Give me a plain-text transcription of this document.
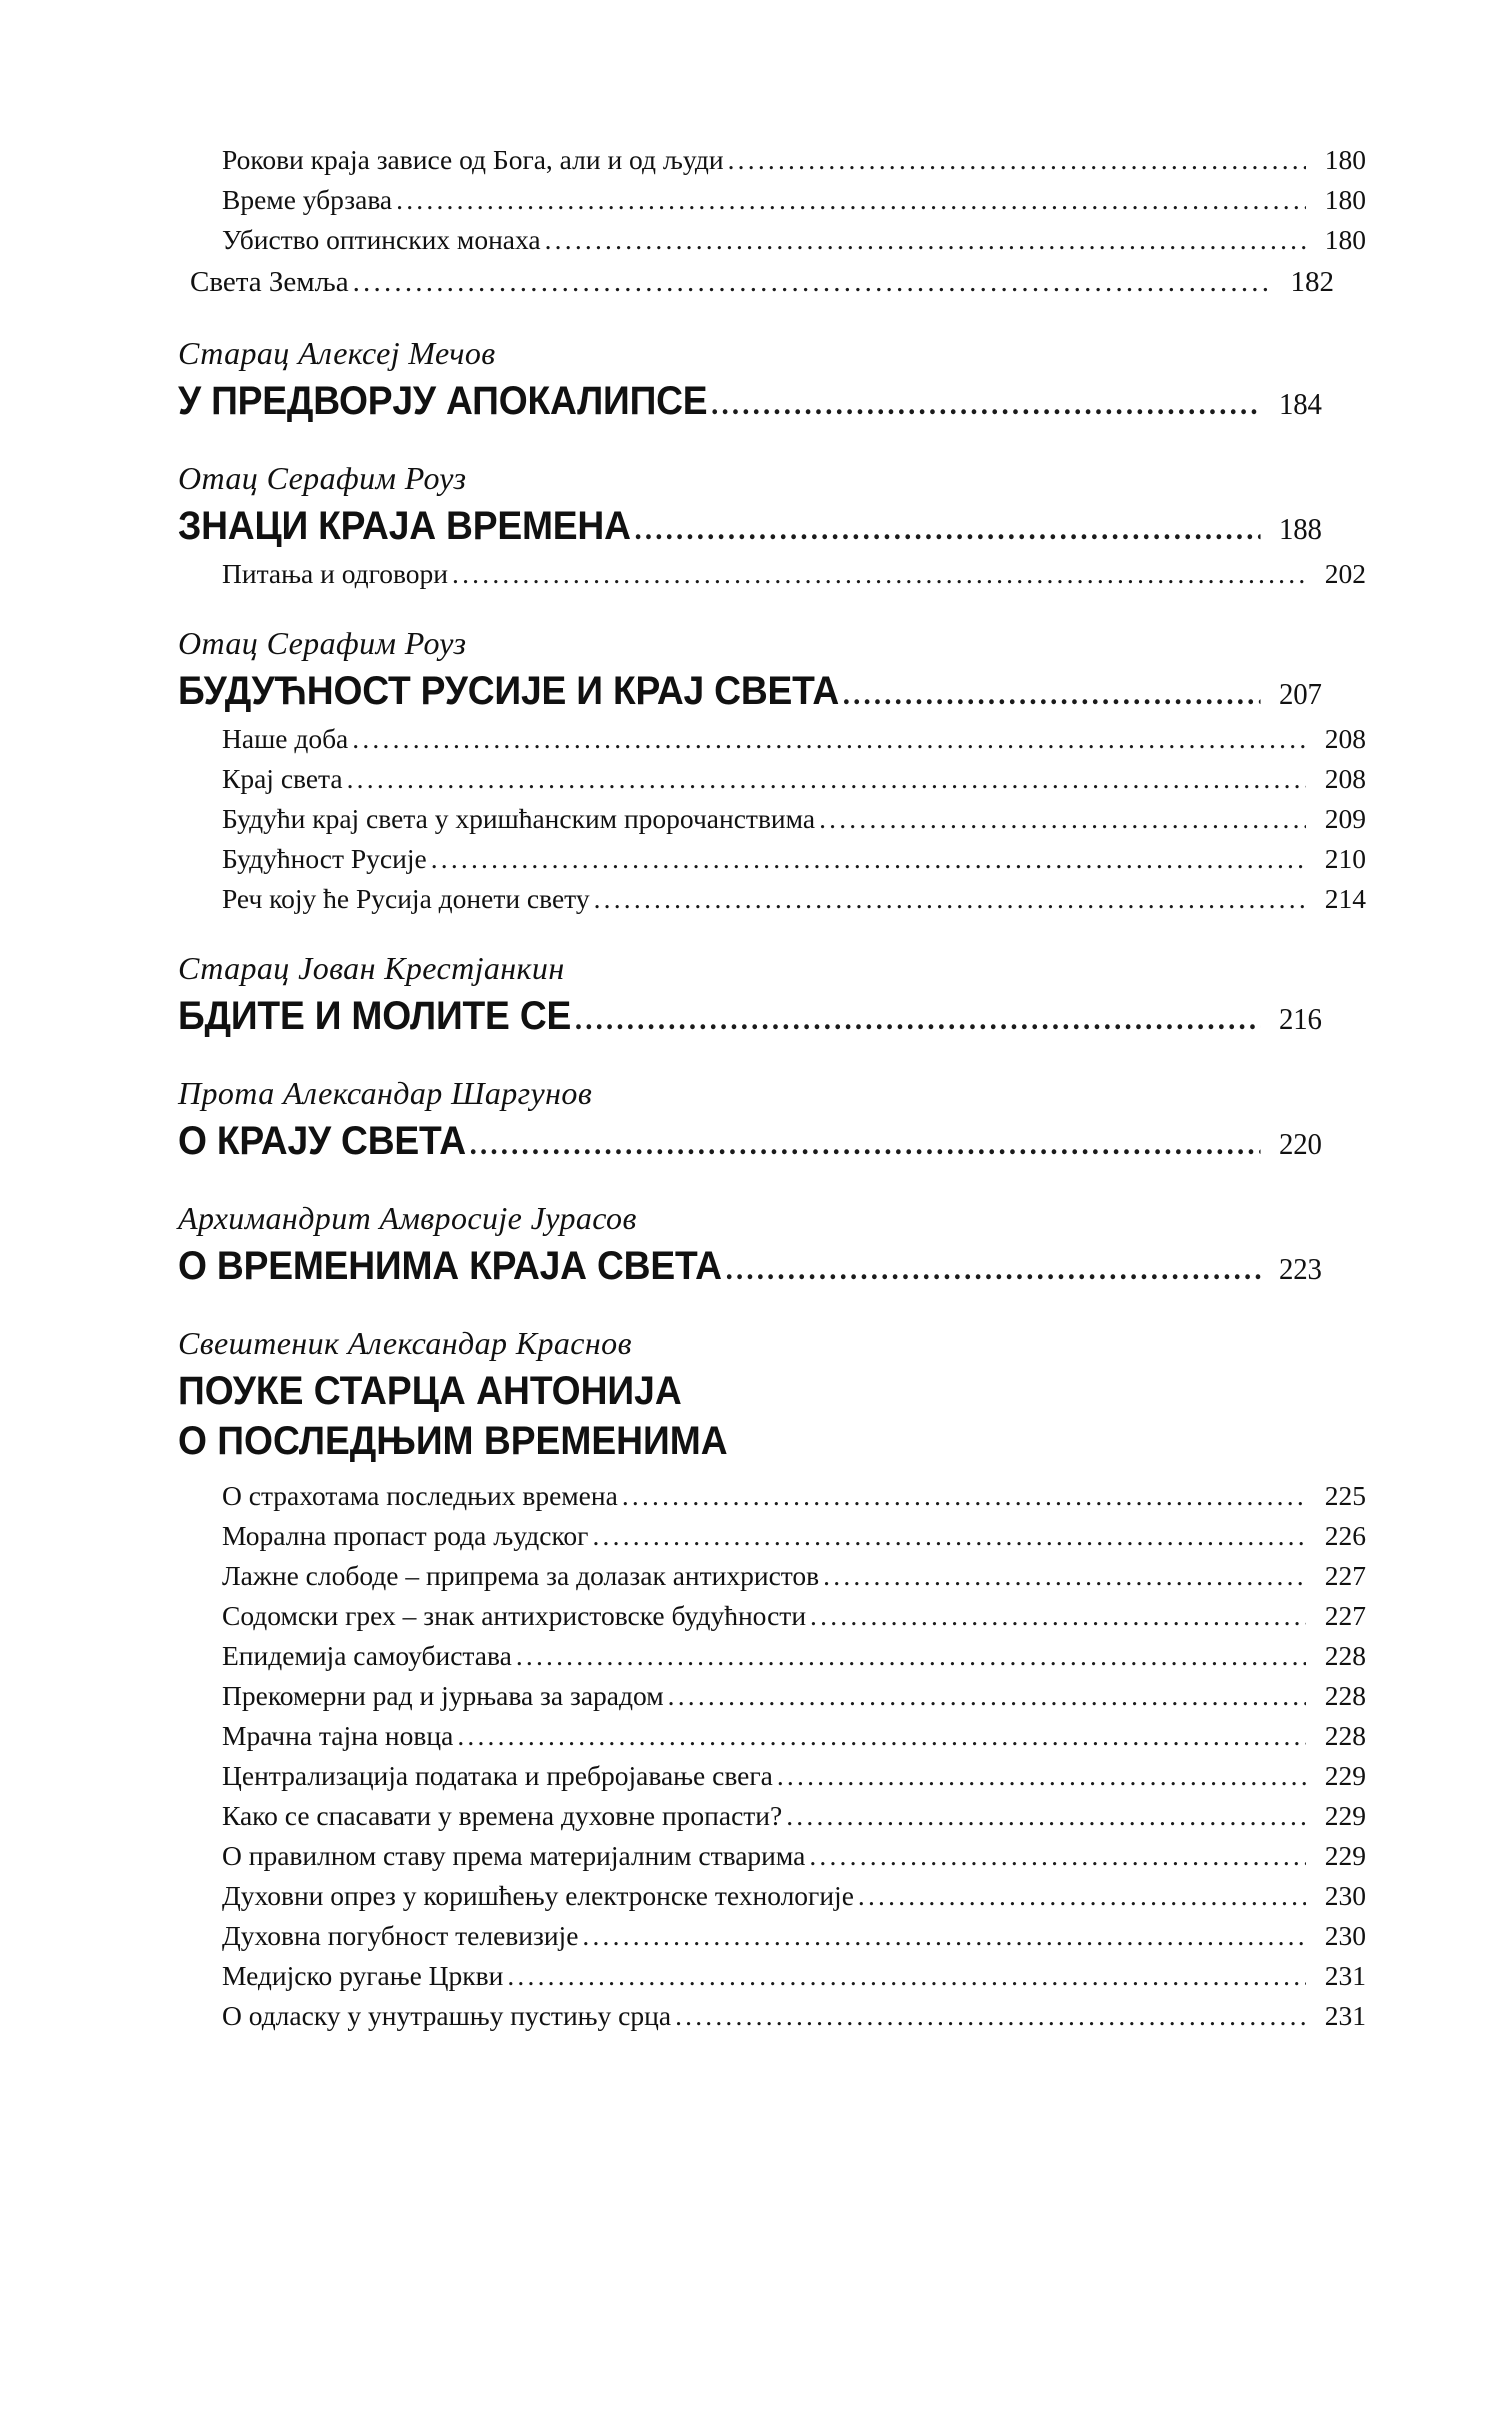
Рокови краја зависе од Бога, али и од људи .....	180
Време убрзава .....	180
Убиство оптинских монаха .....	180
Света Земља .....	182
Старац Алексеј Мечов
У ПРЕДВОРЈУ АПОКАЛИПСЕ .....	184
Отац Серафим Роуз
ЗНАЦИ КРАЈА ВРЕМЕНА .....	188
Питања и одговори .....	202
Отац Серафим Роуз
БУДУЋНОСТ РУСИЈЕ И КРАЈ СВЕТА .....	207
Наше доба .....	208
Крај света .....	208
Будући крај света у хришћанским пророчанствима .....	209
Будућност Русије .....	210
Реч коју ће Русија донети свету .....	214
Старац Јован Крестјанкин
БДИТЕ И МОЛИТЕ СЕ .....	216
Прота Александар Шаргунов
О КРАЈУ СВЕТА .....	220
Архимандрит Амвросије Јурасов
О ВРЕМЕНИМА КРАЈА СВЕТА .....	223
Свештеник Александар Краснов
ПОУКЕ СТАРЦА АНТОНИЈА
О ПОСЛЕДЊИМ ВРЕМЕНИМА
О страхотама последњих времена .....	225
Морална пропаст рода људског .....	226
Лажне слободе – припрема за долазак антихристов .....	227
Содомски грех – знак антихристовске будућности .....	227
Епидемија самоубистава .....	228
Прекомерни рад и јурњава за зарадом .....	228
Мрачна тајна новца .....	228
Централизација података и пребројавање свега .....	229
Како се спасавати у времена духовне пропасти? .....	229
О правилном ставу према материјалним стварима .....	229
Духовни опрез у коришћењу електронске технологије .....	230
Духовна погубност телевизије .....	230
Медијско ругање Цркви .....	231
О одласку у унутрашњу пустињу срца .....	231
